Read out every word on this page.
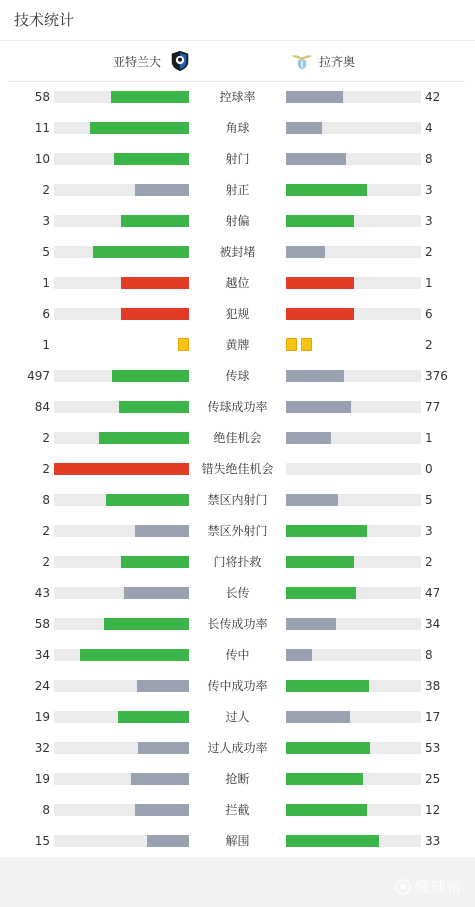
技术统计
亚特兰大	拉齐奥
58	控球率	42
11	角球	4
10	射门	8
2	射正	3
3	射偏	3
5	被封堵	2
1	越位	1
6	犯规	6
1	黄牌	2
497	传球	376
84	传球成功率	77
2	绝佳机会	1
2	错失绝佳机会	0
8	禁区内射门	5
2	禁区外射门	3
2	门将扑救	2
43	长传	47
58	长传成功率	34
34	传中	8
24	传中成功率	38
19	过人	17
32	过人成功率	53
19	抢断	25
8	拦截	12
15	解围	33
懂球帝
